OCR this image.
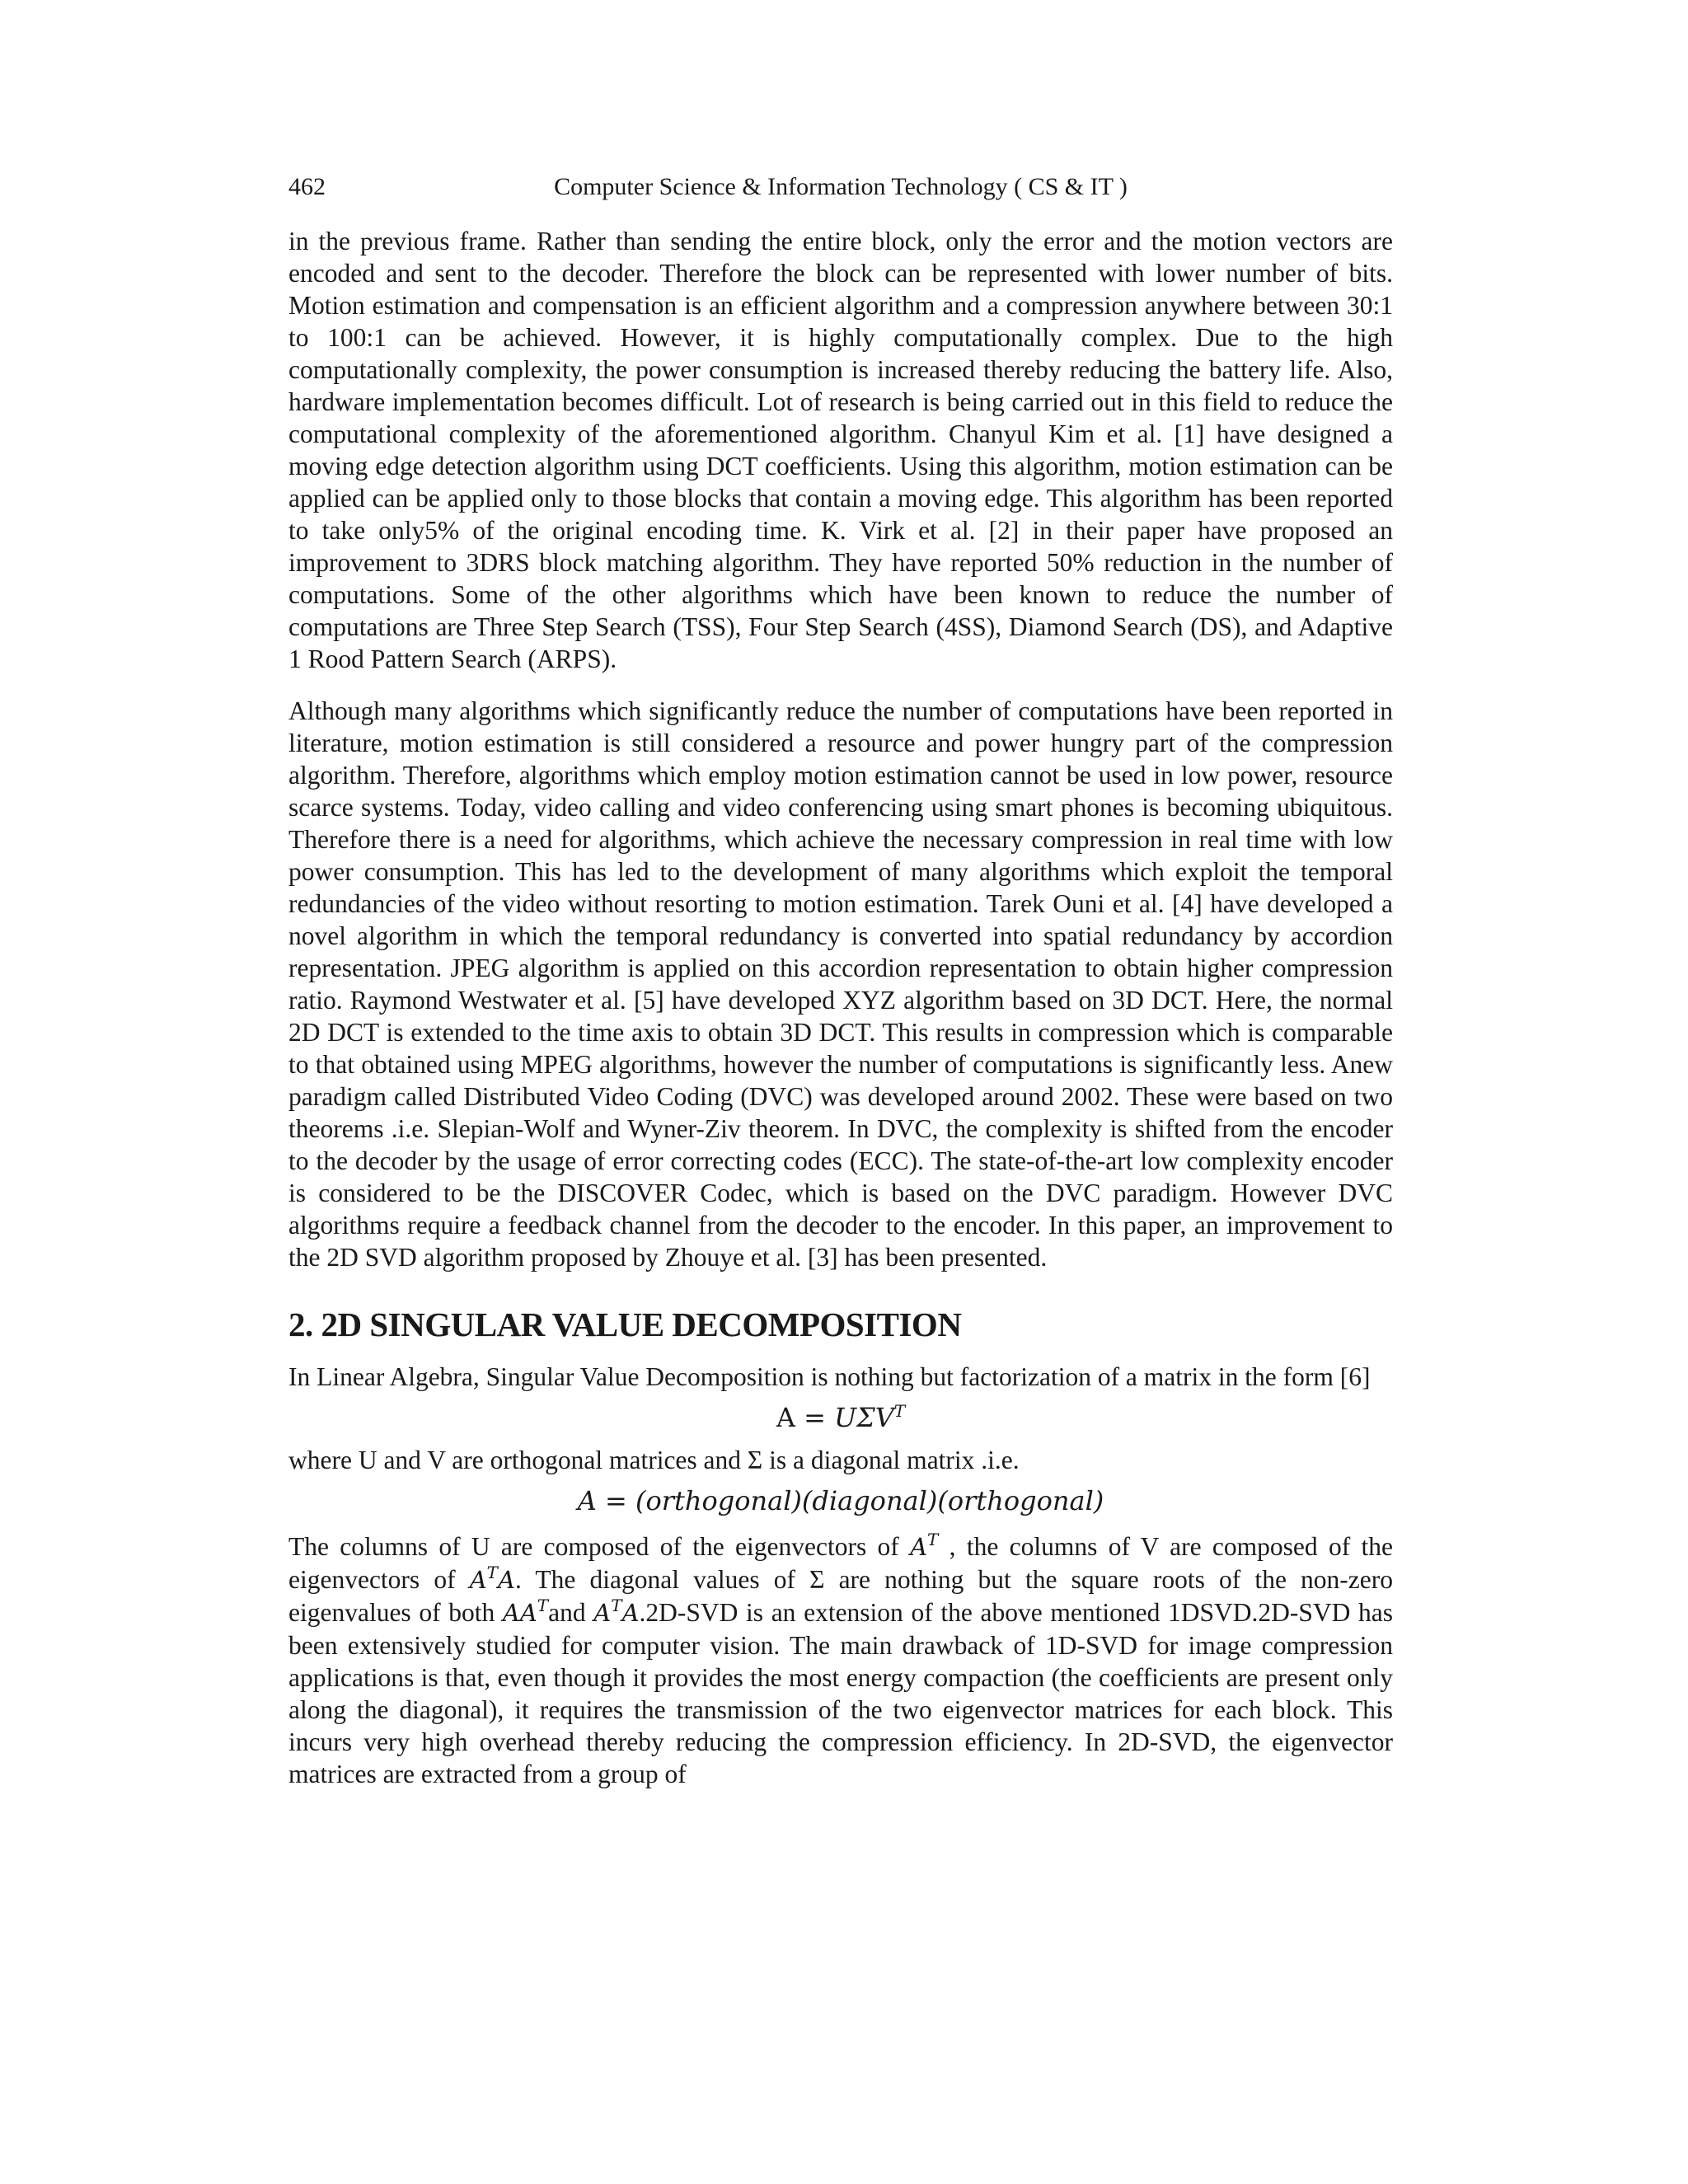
462	Computer Science & Information Technology ( CS & IT )

in the previous frame. Rather than sending the entire block, only the error and the motion vectors are encoded and sent to the decoder. Therefore the block can be represented with lower number of bits. Motion estimation and compensation is an efficient algorithm and a compression anywhere between 30:1 to 100:1 can be achieved. However, it is highly computationally complex. Due to the high computationally complexity, the power consumption is increased thereby reducing the battery life. Also, hardware implementation becomes difficult. Lot of research is being carried out in this field to reduce the computational complexity of the aforementioned algorithm. Chanyul Kim et al. [1] have designed a moving edge detection algorithm using DCT coefficients. Using this algorithm, motion estimation can be applied can be applied only to those blocks that contain a moving edge. This algorithm has been reported to take only5% of the original encoding time. K. Virk et al. [2] in their paper have proposed an improvement to 3DRS block matching algorithm. They have reported 50% reduction in the number of computations. Some of the other algorithms which have been known to reduce the number of computations are Three Step Search (TSS), Four Step Search (4SS), Diamond Search (DS), and Adaptive 1 Rood Pattern Search (ARPS).

Although many algorithms which significantly reduce the number of computations have been reported in literature, motion estimation is still considered a resource and power hungry part of the compression algorithm. Therefore, algorithms which employ motion estimation cannot be used in low power, resource scarce systems. Today, video calling and video conferencing using smart phones is becoming ubiquitous. Therefore there is a need for algorithms, which achieve the necessary compression in real time with low power consumption. This has led to the development of many algorithms which exploit the temporal redundancies of the video without resorting to motion estimation. Tarek Ouni et al. [4] have developed a novel algorithm in which the temporal redundancy is converted into spatial redundancy by accordion representation. JPEG algorithm is applied on this accordion representation to obtain higher compression ratio. Raymond Westwater et al. [5] have developed XYZ algorithm based on 3D DCT. Here, the normal 2D DCT is extended to the time axis to obtain 3D DCT. This results in compression which is comparable to that obtained using MPEG algorithms, however the number of computations is significantly less. Anew paradigm called Distributed Video Coding (DVC) was developed around 2002. These were based on two theorems .i.e. Slepian-Wolf and Wyner-Ziv theorem. In DVC, the complexity is shifted from the encoder to the decoder by the usage of error correcting codes (ECC). The state-of-the-art low complexity encoder is considered to be the DISCOVER Codec, which is based on the DVC paradigm. However DVC algorithms require a feedback channel from the decoder to the encoder. In this paper, an improvement to the 2D SVD algorithm proposed by Zhouye et al. [3] has been presented.

2. 2D SINGULAR VALUE DECOMPOSITION

In Linear Algebra, Singular Value Decomposition is nothing but factorization of a matrix in the form [6]

$A = U\Sigma V^T$

where U and V are orthogonal matrices and Σ is a diagonal matrix .i.e.

A = (orthogonal)(diagonal)(orthogonal)

The columns of U are composed of the eigenvectors of $A^T$ , the columns of V are composed of the eigenvectors of $A^TA$. The diagonal values of Σ are nothing but the square roots of the non-zero eigenvalues of both $AA^Tand$ $A^TA.2D$-SVD is an extension of the above mentioned 1DSVD.2D-SVD has been extensively studied for computer vision. The main drawback of 1D-SVD for image compression applications is that, even though it provides the most energy compaction (the coefficients are present only along the diagonal), it requires the transmission of the two eigenvector matrices for each block. This incurs very high overhead thereby reducing the compression efficiency. In 2D-SVD, the eigenvector matrices are extracted from a group of
